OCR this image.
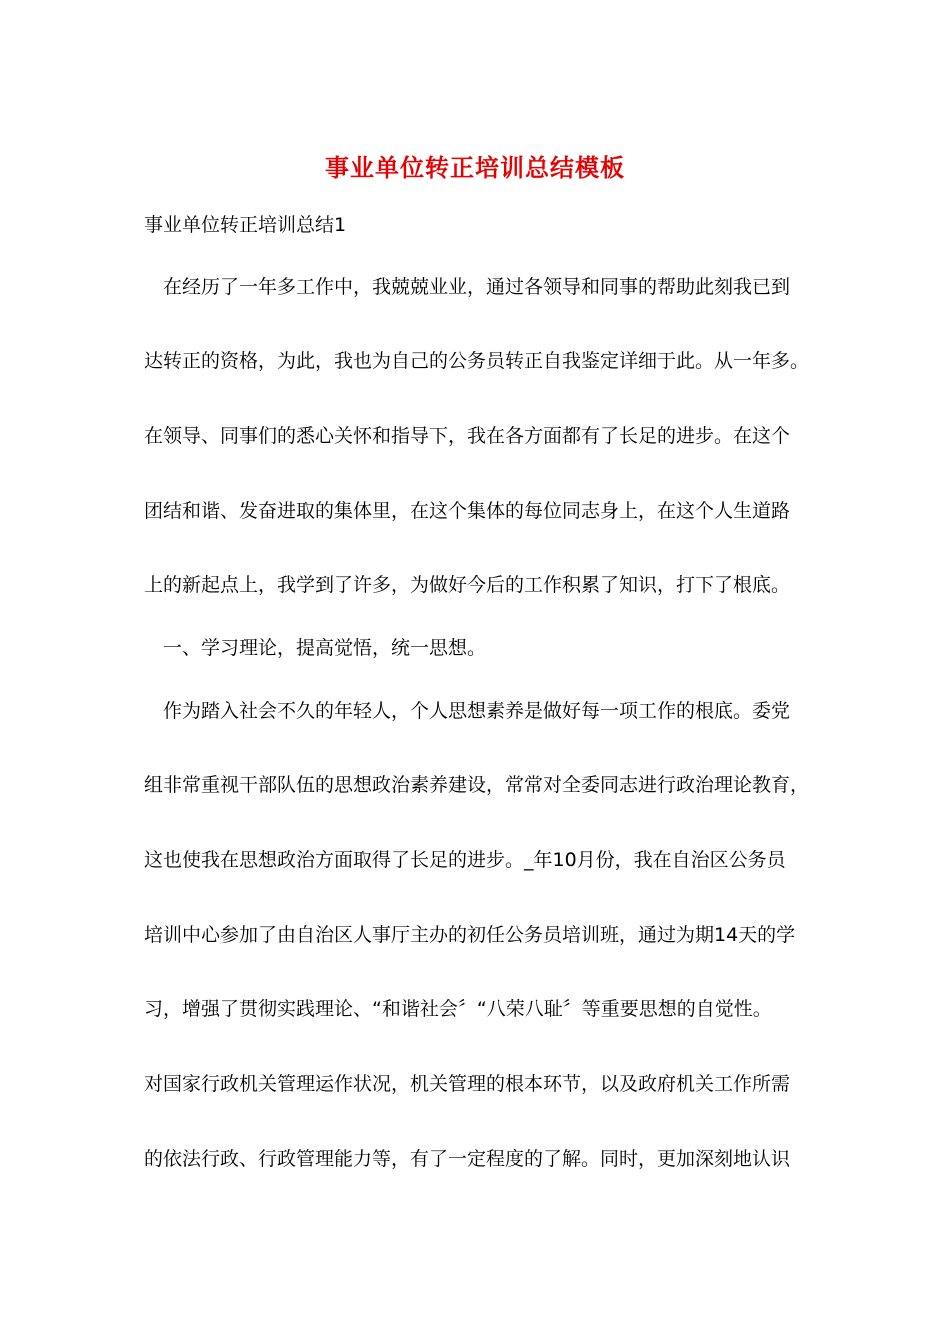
事业单位转正培训总结模板
事业单位转正培训总结1
在经历了一年多工作中，我兢兢业业，通过各领导和同事的帮助此刻我已到
达转正的资格，为此，我也为自己的公务员转正自我鉴定详细于此。从一年多。
在领导、同事们的悉心关怀和指导下，我在各方面都有了长足的进步。在这个
团结和谐、发奋进取的集体里，在这个集体的每位同志身上，在这个人生道路
上的新起点上，我学到了许多，为做好今后的工作积累了知识，打下了根底。
一、学习理论，提高觉悟，统一思想。
作为踏入社会不久的年轻人，个人思想素养是做好每一项工作的根底。委党
组非常重视干部队伍的思想政治素养建设，常常对全委同志进行政治理论教育，
这也使我在思想政治方面取得了长足的进步。_年10月份，我在自治区公务员
培训中心参加了由自治区人事厅主办的初任公务员培训班，通过为期14天的学
习，增强了贯彻实践理论、“和谐社会〞“八荣八耻〞等重要思想的自觉性。
对国家行政机关管理运作状况，机关管理的根本环节，以及政府机关工作所需
的依法行政、行政管理能力等，有了一定程度的了解。同时，更加深刻地认识
